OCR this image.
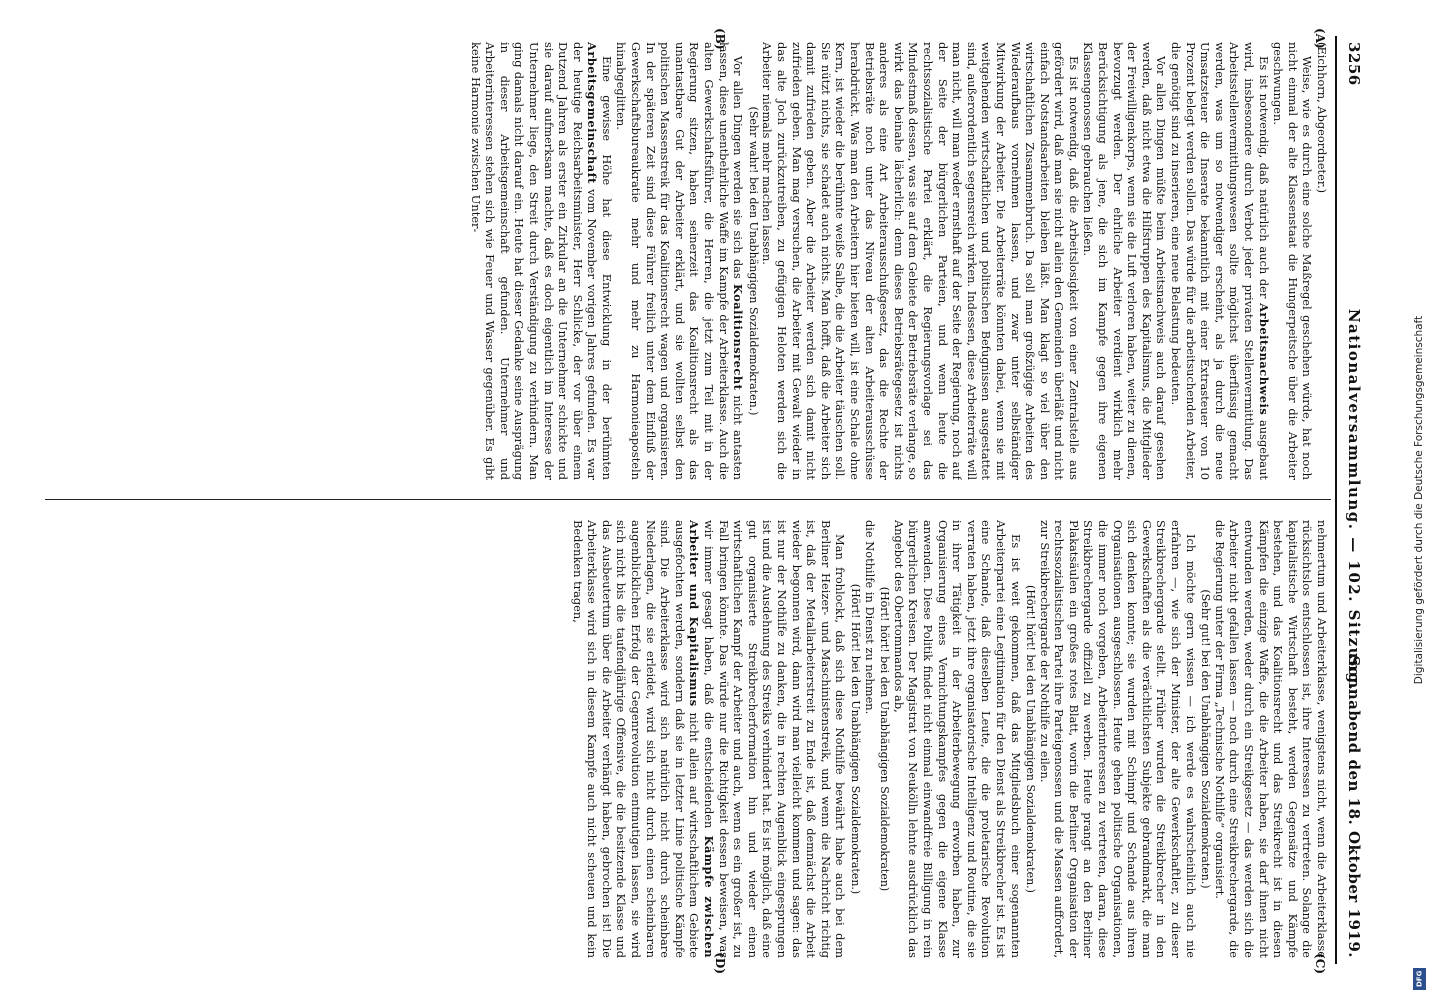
3256
Nationalversammlung. — 102. Sitzung.
Sonnabend den 18. Oktober 1919.

(Eichhorn, Abgeordneter.)

Weise, wie es durch eine solche Maßregel geschehen würde, hat noch nicht einmal der alte Klassenstaat die Hungerpeitsche über die Arbeiter geschwungen.

Es ist notwendig, daß natürlich auch der Arbeitsnachweis ausgebaut wird, insbesondere durch Verbot jeder privaten Stellenvermittlung. Das Arbeitsstellenvermittlungswesen sollte möglichst überflüssig gemacht werden, was um so notwendiger erscheint, als ja durch die neue Umsatzsteuer die Inserate bekanntlich mit einer Extrasteuer von 10 Prozent belegt werden sollen. Das würde für die arbeitsuchenden Arbeiter, die genötigt sind zu inserieren, eine neue Belastung bedeuten.

Vor allen Dingen müßte beim Arbeitsnachweis auch darauf gesehen werden, daß nicht etwa die Hilfstruppen des Kapitalismus, die Mitglieder der Freiwilligenkorps, wenn sie die Luft verloren haben, weiter zu dienen, bevorzugt werden. Der ehrliche Arbeiter verdient wirklich mehr Berücksichtigung als jene, die sich im Kampfe gegen ihre eigenen Klassengenossen gebrauchen ließen.

Es ist notwendig, daß die Arbeitslosigkeit von einer Zentralstelle aus gefördert wird, daß man sie nicht allein den Gemeinden überläßt und nicht einfach Notstandsarbeiten bleiben läßt. Man klagt so viel über den wirtschaftlichen Zusammenbruch. Da soll man großzügige Arbeiten des Wiederaufbaus vornehmen lassen, und zwar unter selbständiger Mitwirkung der Arbeiter. Die Arbeiterräte könnten dabei, wenn sie mit weitgehenden wirtschaftlichen und politischen Befugnissen ausgestattet sind, außerordentlich segensreich wirken. Indessen, diese Arbeiterräte will man nicht, will man weder ernsthaft auf der Seite der Regierung, noch auf der Seite der bürgerlichen Parteien, und wenn heute die rechtssozialistische Partei erklärt, die Regierungsvorlage sei das Mindestmaß dessen, was sie auf dem Gebiete der Betriebsräte verlange, so wirkt das beinahe lächerlich: denn dieses Betriebsrätegesetz ist nichts anderes als eine Art Arbeiterausschußgesetz, das die Rechte der Betriebsräte noch unter das Niveau der alten Arbeiterausschüsse herabdrückt. Was man den Arbeitern hier bieten will, ist eine Schale ohne Kern, ist wieder die berühmte weiße Salbe, die die Arbeiter täuschen soll. Sie nützt nichts, sie schadet auch nichts. Man hofft, daß die Arbeiter sich damit zufrieden geben. Aber die Arbeiter werden sich damit nicht zufrieden geben. Man mag versuchen, die Arbeiter mit Gewalt wieder in das alte Joch zurückzutreiben, zu gefügigen Heloten werden sich die Arbeiter niemals mehr machen lassen.

(Sehr wahr! bei den Unabhängigen Sozialdemokraten.)

Vor allen Dingen werden sie sich das Koalitionsrecht nicht antasten lassen, diese unentbehrliche Waffe im Kampfe der Arbeiterklasse. Auch die alten Gewerkschaftsführer, die Herren, die jetzt zum Teil mit in der Regierung sitzen, haben seinerzeit das Koalitionsrecht als das unantastbare Gut der Arbeiter erklärt, und sie wollten selbst den politischen Massenstreik für das Koalitionsrecht wagen und organisieren. In der späteren Zeit sind diese Führer freilich unter dem Einfluß der Gewerkschaftsbureaukratie mehr und mehr zu Harmonieaposteln hinabgeglitten.

Eine gewisse Höhe hat diese Entwicklung in der berühmten Arbeitsgemeinschaft vom November vorigen Jahres gefunden. Es war der heutige Reichsarbeitsminister, Herr Schlicke, der vor über einem Dutzend Jahren als erster ein Zirkular an die Unternehmer schickte und sie darauf aufmerksam machte, daß es doch eigentlich im Interesse der Unternehmer liege, den Streit durch Verständigung zu verhindern. Man ging damals nicht darauf ein. Heute hat dieser Gedanke seine Ausprägung in dieser Arbeitsgemeinschaft gefunden. Unternehmer und Arbeiterinteressen stehen sich wie Feuer und Wasser gegenüber. Es gibt keine Harmonie zwischen Unter-

nehmertum und Arbeiterklasse, wenigstens nicht, wenn die Arbeiterklasse rücksichtslos entschlossen ist, ihre Interessen zu vertreten. Solange die kapitalistische Wirtschaft besteht, werden Gegensätze und Kämpfe bestehen, und das Koalitionsrecht und das Streikrecht ist in diesen Kämpfen die einzige Waffe, die die Arbeiter haben, sie darf ihnen nicht entwunden werden, weder durch ein Streikgesetz — das werden sich die Arbeiter nicht gefallen lassen — noch durch eine Streikbrechergarde, die die Regierung unter der Firma „Technische Nothilfe“ organisiert.

(Sehr gut! bei den Unabhängigen Sozialdemokraten.)

Ich möchte gern wissen — ich werde es wahrscheinlich auch nie erfahren —, wie sich der Minister, der alte Gewerkschaftler, zu dieser Streikbrechergarde stellt. Früher wurden die Streikbrecher in den Gewerkschaften als die verächtlichsten Subjekte gebrandmarkt, die man sich denken konnte; sie wurden mit Schimpf und Schande aus ihren Organisationen ausgeschlossen. Heute gehen politische Organisationen, die immer noch vorgeben, Arbeiterinteressen zu vertreten, daran, diese Streikbrechergarde offiziell zu werben. Heute prangt an den Berliner Plakatsäulen ein großes rotes Blatt, worin die Berliner Organisation der rechtssozialistischen Partei ihre Parteigenossen und die Massen auffordert, zur Streikbrechergarde der Nothilfe zu eilen.

(Hört! hört! bei den Unabhängigen Sozialdemokraten.)

Es ist weit gekommen, daß das Mitgliedsbuch einer sogenannten Arbeiterpartei eine Legitimation für den Dienst als Streikbrecher ist. Es ist eine Schande, daß dieselben Leute, die die proletarische Revolution verraten haben, jetzt ihre organisatorische Intelligenz und Routine, die sie in ihrer Tätigkeit in der Arbeiterbewegung erworben haben, zur Organisierung eines Vernichtungskampfes gegen die eigene Klasse anwenden. Diese Politik findet nicht einmal einwandfreie Billigung in rein bürgerlichen Kreisen. Der Magistrat von Neukölln lehnte ausdrücklich das Angebot des Obertommandos ab,

(Hört! hört! bei den Unabhängigen Sozialdemokraten)

die Nothilfe in Dienst zu nehmen.

(Hört! Hört! bei den Unabhängigen Sozialdemokraten.)

Man frohlockt, daß sich diese Nothilfe bewährt habe auch bei dem Berliner Heizer- und Maschinistenstreik, und wenn die Nachricht richtig ist, daß der Metallarbeiterstreit zu Ende ist, daß demnächst die Arbeit wieder begonnen wird, dann wird man vielleicht kommen und sagen: das ist nur der Nothilfe zu danken, die in rechten Augenblick eingesprungen ist und die Ausdehnung des Streiks verhindert hat. Es ist möglich, daß eine gut organisierte Streikbrecherformation hin und wieder einen wirtschaftlichen Kampf der Arbeiter und auch, wenn es ein großer ist, zu Fall bringen könnte. Das würde nur die Richtigkeit dessen beweisen, was wir immer gesagt haben, daß die entscheidenden Kämpfe zwischen Arbeiter und Kapitalismus nicht allein auf wirtschaftlichem Gebiete ausgefochten werden, sondern daß sie in letzter Linie politische Kämpfe sind. Die Arbeiterklasse wird sich natürlich nicht durch scheinbare Niederlagen, die sie erleidet, wird sich nicht durch einen scheinbaren augenblicklichen Erfolg der Gegenrevolution entmutigen lassen, sie wird sich nicht bis die taufendjährige Offensive, die die besitzende Klasse und das Ausbeutertum über die Arbeiter verhängt haben, gebrochen ist! Die Arbeiterklasse wird sich in diesem Kampfe auch nicht scheuen und kein Bedenken tragen,

(A)
(B)
(C)
(D)
Digitalisierung gefördert durch die Deutsche Forschungsgemeinschaft
DFG
